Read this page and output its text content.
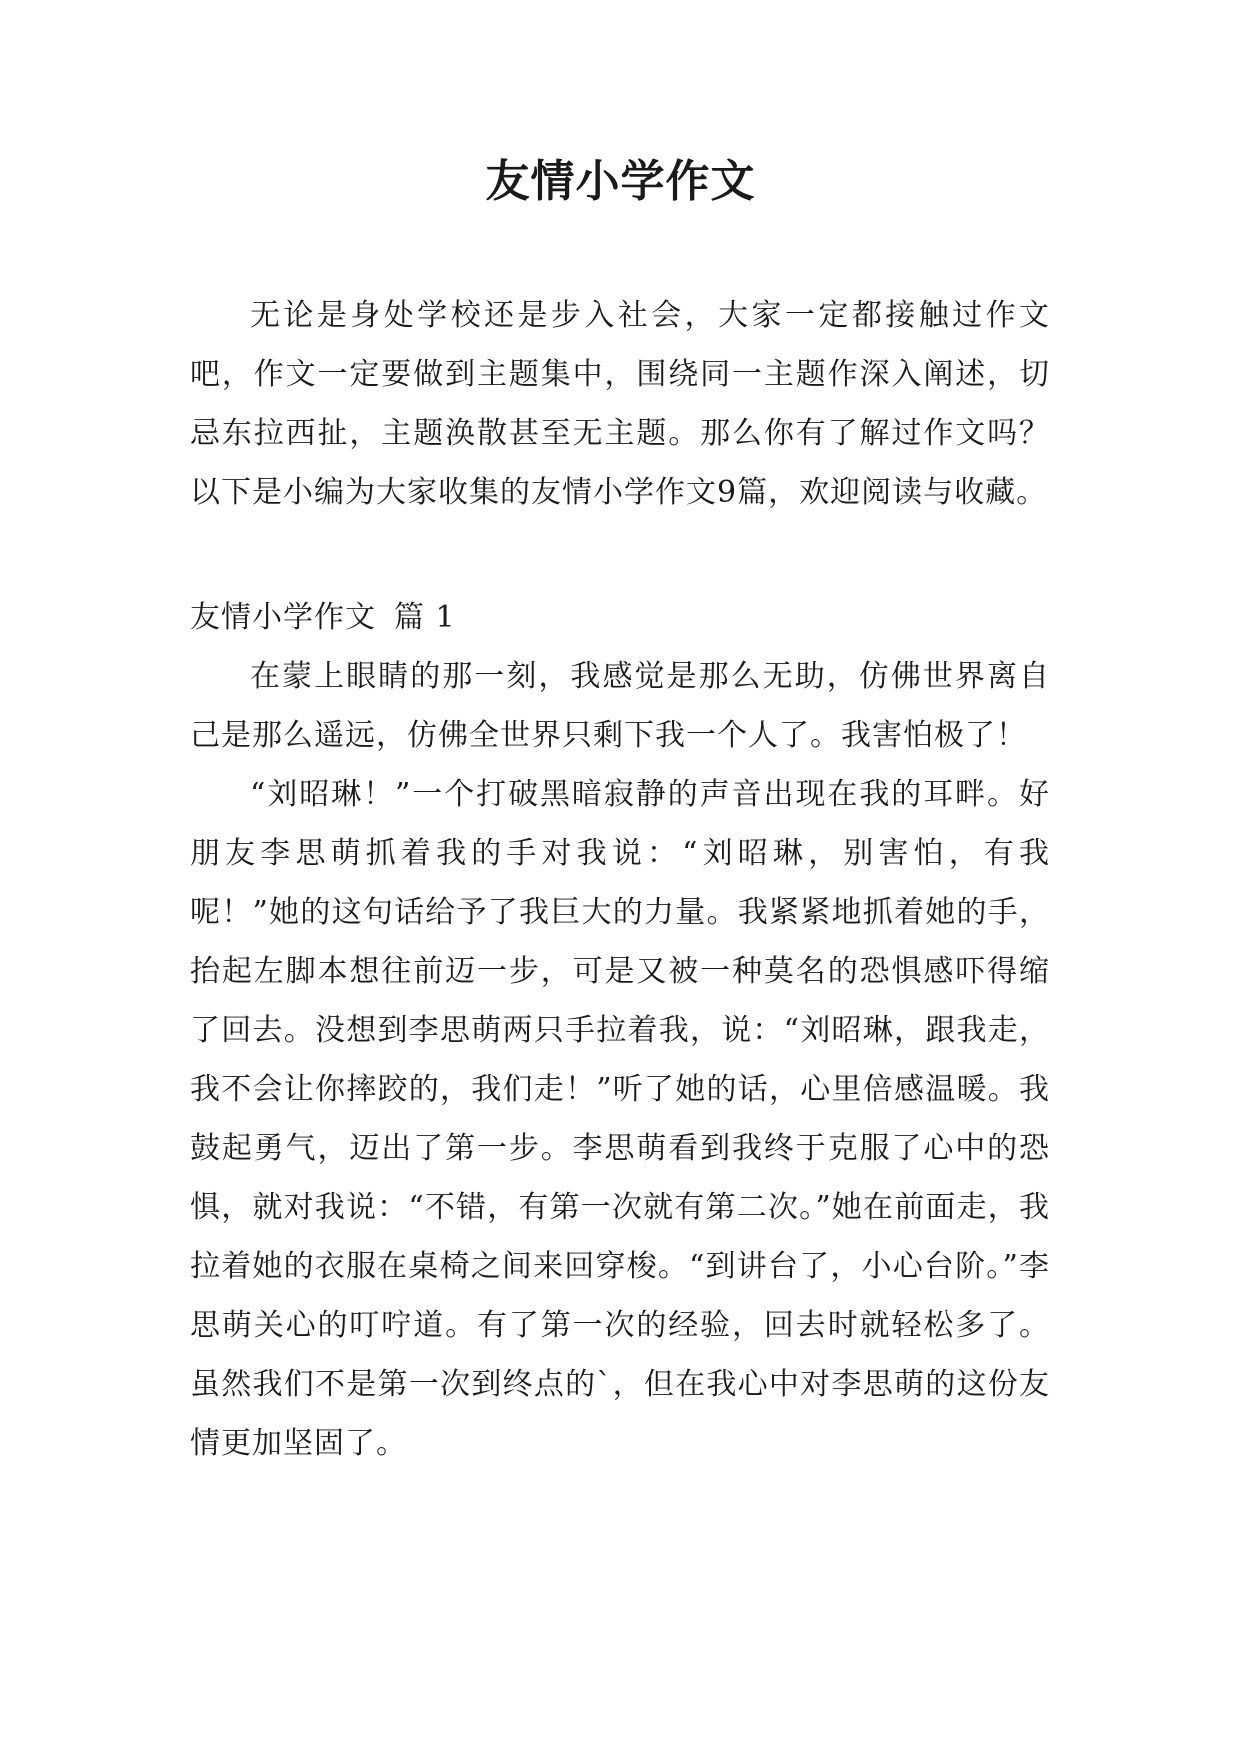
友情小学作文

无论是身处学校还是步入社会，大家一定都接触过作文吧，作文一定要做到主题集中，围绕同一主题作深入阐述，切忌东拉西扯，主题涣散甚至无主题。那么你有了解过作文吗？以下是小编为大家收集的友情小学作文9篇，欢迎阅读与收藏。

友情小学作文 篇 1

在蒙上眼睛的那一刻，我感觉是那么无助，仿佛世界离自己是那么遥远，仿佛全世界只剩下我一个人了。我害怕极了！

“刘昭琳！”一个打破黑暗寂静的声音出现在我的耳畔。好朋友李思萌抓着我的手对我说：“刘昭琳，别害怕，有我呢！”她的这句话给予了我巨大的力量。我紧紧地抓着她的手，抬起左脚本想往前迈一步，可是又被一种莫名的恐惧感吓得缩了回去。没想到李思萌两只手拉着我，说：“刘昭琳，跟我走，我不会让你摔跤的，我们走！”听了她的话，心里倍感温暖。我鼓起勇气，迈出了第一步。李思萌看到我终于克服了心中的恐惧，就对我说：“不错，有第一次就有第二次。”她在前面走，我拉着她的衣服在桌椅之间来回穿梭。“到讲台了，小心台阶。”李思萌关心的叮咛道。有了第一次的经验，回去时就轻松多了。虽然我们不是第一次到终点的`，但在我心中对李思萌的这份友情更加坚固了。
